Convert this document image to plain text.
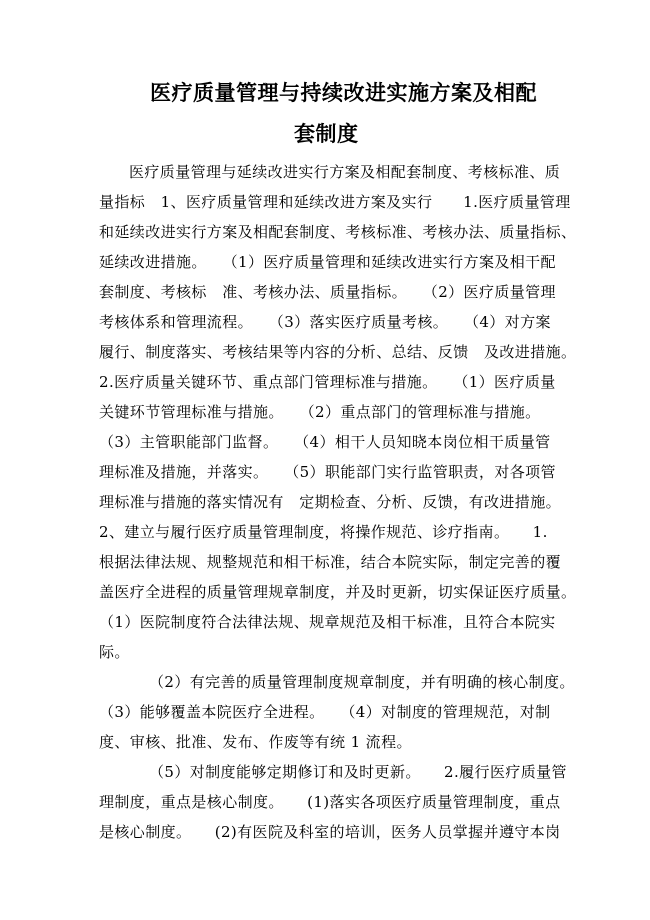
医疗质量管理与持续改进实施方案及相配
套制度
医疗质量管理与延续改进实行方案及相配套制度、考核标准、质
量指标　1、医疗质量管理和延续改进方案及实行　　1.医疗质量管理
和延续改进实行方案及相配套制度、考核标准、考核办法、质量指标、
延续改进措施。　　（1）医疗质量管理和延续改进实行方案及相干配
套制度、考核标　准、考核办法、质量指标。　　（2）医疗质量管理
考核体系和管理流程。　　（3）落实医疗质量考核。　　（4）对方案
履行、制度落实、考核结果等内容的分析、总结、反馈　及改进措施。
2.医疗质量关键环节、重点部门管理标准与措施。　　（1）医疗质量
关键环节管理标准与措施。　　（2）重点部门的管理标准与措施。
（3）主管职能部门监督。　　（4）相干人员知晓本岗位相干质量管
理标准及措施，并落实。　　（5）职能部门实行监管职责，对各项管
理标准与措施的落实情况有　定期检查、分析、反馈，有改进措施。
2、建立与履行医疗质量管理制度，将操作规范、诊疗指南。　　1.
根据法律法规、规整规范和相干标准，结合本院实际，制定完善的覆
盖医疗全进程的质量管理规章制度，并及时更新，切实保证医疗质量。
（1）医院制度符合法律法规、规章规范及相干标准，且符合本院实
际。
（2）有完善的质量管理制度规章制度，并有明确的核心制度。
（3）能够覆盖本院医疗全进程。　　（4）对制度的管理规范，对制
度、审核、批准、发布、作废等有统 1 流程。
（5）对制度能够定期修订和及时更新。　　2.履行医疗质量管
理制度，重点是核心制度。　　(1)落实各项医疗质量管理制度，重点
是核心制度。　　(2)有医院及科室的培训，医务人员掌握并遵守本岗
